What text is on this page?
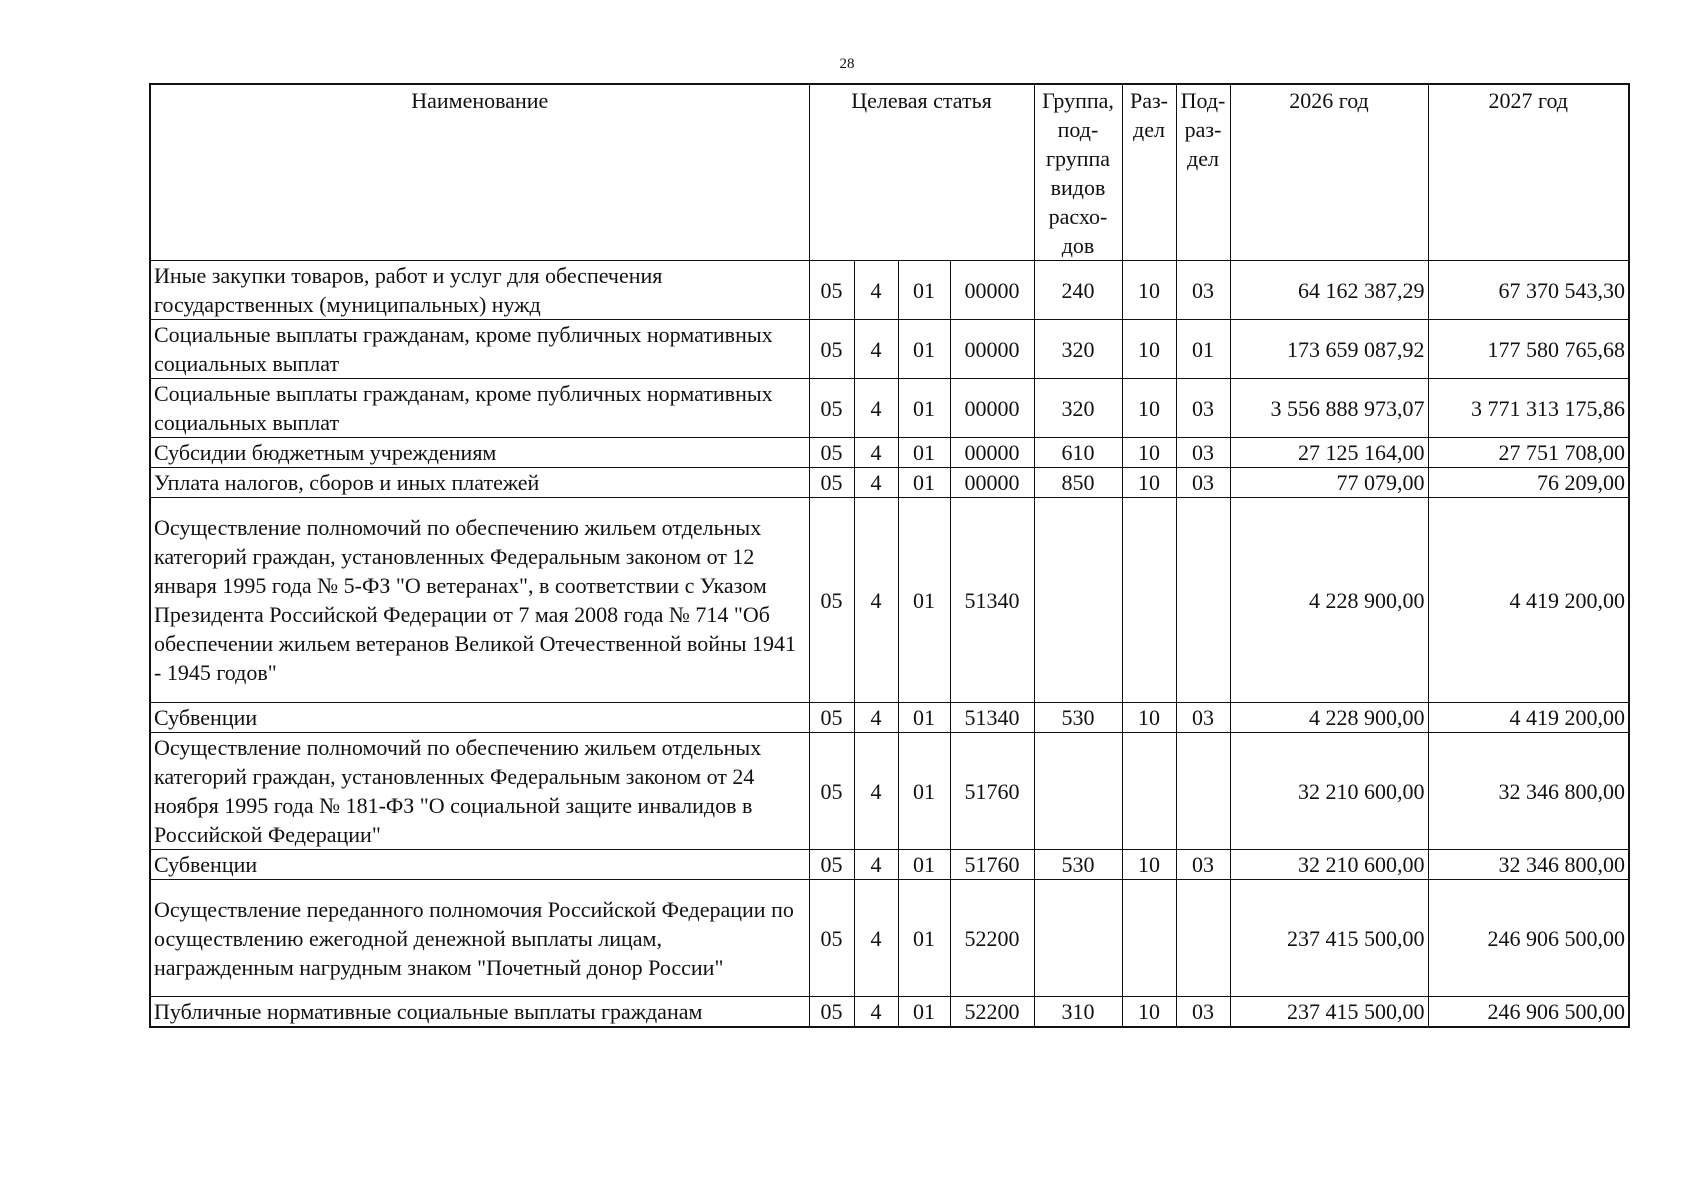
28
Наименование	Целевая статья				Группа, под- группа видов расхо- дов	Раз- дел	Под- раз- дел	2026 год	2027 год
Иные закупки товаров, работ и услуг для обеспечения государственных (муниципальных) нужд	05	4	01	00000	240	10	03	64 162 387,29	67 370 543,30
Социальные выплаты гражданам, кроме публичных нормативных социальных выплат	05	4	01	00000	320	10	01	173 659 087,92	177 580 765,68
Социальные выплаты гражданам, кроме публичных нормативных социальных выплат	05	4	01	00000	320	10	03	3 556 888 973,07	3 771 313 175,86
Субсидии бюджетным учреждениям	05	4	01	00000	610	10	03	27 125 164,00	27 751 708,00
Уплата налогов, сборов и иных платежей	05	4	01	00000	850	10	03	77 079,00	76 209,00
Осуществление полномочий по обеспечению жильем отдельных категорий граждан, установленных Федеральным законом от 12 января 1995 года № 5-ФЗ "О ветеранах", в соответствии с Указом Президента Российской Федерации от 7 мая 2008 года № 714 "Об обеспечении жильем ветеранов Великой Отечественной войны 1941 - 1945 годов"	05	4	01	51340				4 228 900,00	4 419 200,00
Субвенции	05	4	01	51340	530	10	03	4 228 900,00	4 419 200,00
Осуществление полномочий по обеспечению жильем отдельных категорий граждан, установленных Федеральным законом от 24 ноября 1995 года № 181-ФЗ "О социальной защите инвалидов в Российской Федерации"	05	4	01	51760				32 210 600,00	32 346 800,00
Субвенции	05	4	01	51760	530	10	03	32 210 600,00	32 346 800,00
Осуществление переданного полномочия Российской Федерации по осуществлению ежегодной денежной выплаты лицам, награжденным нагрудным знаком "Почетный донор России"	05	4	01	52200				237 415 500,00	246 906 500,00
Публичные нормативные социальные выплаты гражданам	05	4	01	52200	310	10	03	237 415 500,00	246 906 500,00
